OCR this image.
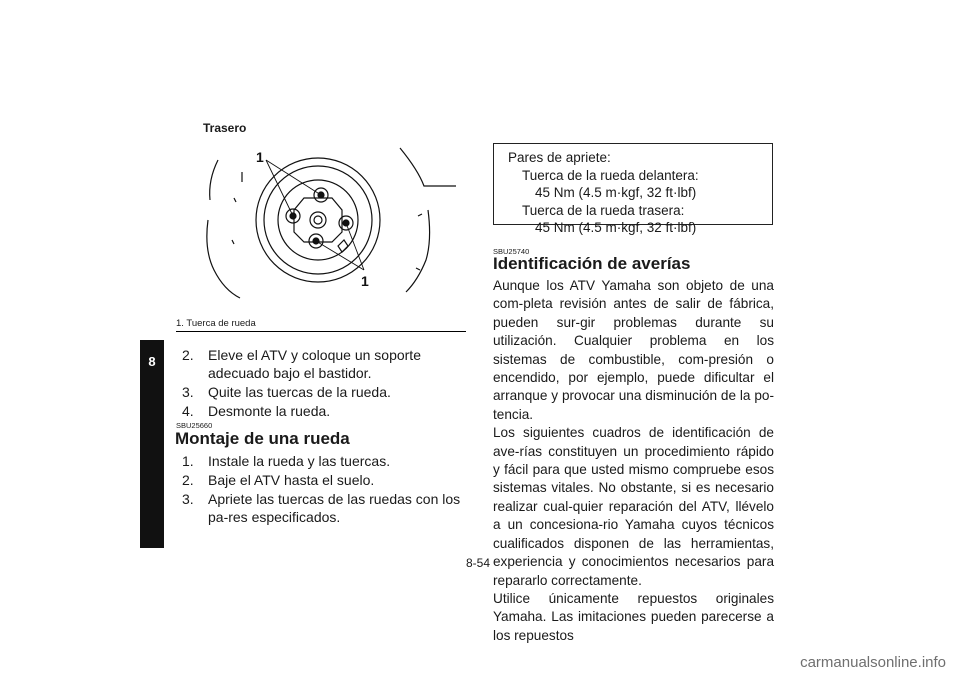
8
Trasero
1
1
1. Tuerca de rueda
2. Eleve el ATV y coloque un soporte adecuado bajo el bastidor.
3. Quite las tuercas de la rueda.
4. Desmonte la rueda.
SBU25660
Montaje de una rueda
1. Instale la rueda y las tuercas.
2. Baje el ATV hasta el suelo.
3. Apriete las tuercas de las ruedas con los pa-res especificados.
Pares de apriete:
Tuerca de la rueda delantera:
45 Nm (4.5 m·kgf, 32 ft·lbf)
Tuerca de la rueda trasera:
45 Nm (4.5 m·kgf, 32 ft·lbf)
SBU25740
Identificación de averías

Aunque los ATV Yamaha son objeto de una com-pleta revisión antes de salir de fábrica, pueden sur-gir problemas durante su utilización. Cualquier problema en los sistemas de combustible, com-presión o encendido, por ejemplo, puede dificultar el arranque y provocar una disminución de la po-tencia.

Los siguientes cuadros de identificación de ave-rías constituyen un procedimiento rápido y fácil para que usted mismo compruebe esos sistemas vitales. No obstante, si es necesario realizar cual-quier reparación del ATV, llévelo a un concesiona-rio Yamaha cuyos técnicos cualificados disponen de las herramientas, experiencia y conocimientos necesarios para repararlo correctamente.

Utilice únicamente repuestos originales Yamaha. Las imitaciones pueden parecerse a los repuestos

8-54
carmanualsonline.info
